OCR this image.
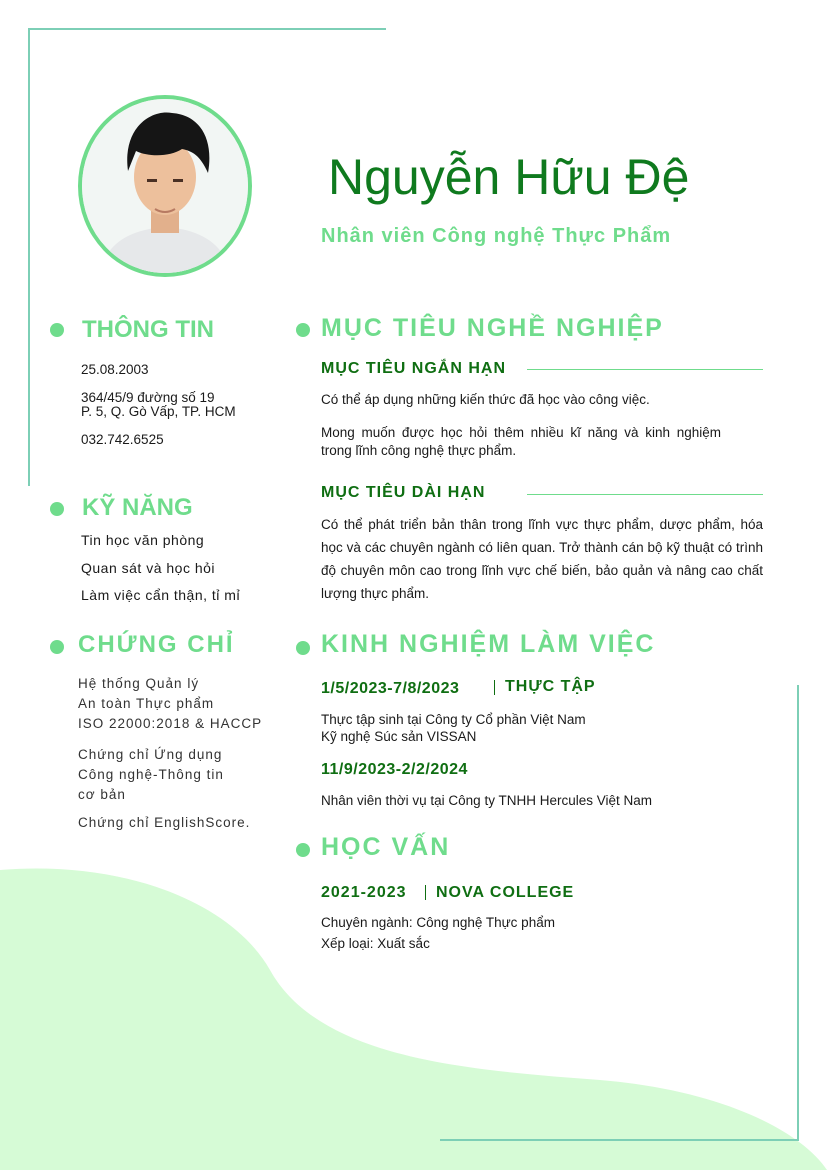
Nguyễn Hữu Đệ
Nhân viên Công nghệ Thực Phẩm
THÔNG TIN
25.08.2003
364/45/9 đường số 19
P. 5, Q. Gò Vấp, TP. HCM
032.742.6525
KỸ NĂNG
Tin học văn phòng
Quan sát và học hỏi
Làm việc cẩn thận, tỉ mỉ
CHỨNG CHỈ
Hệ thống Quản lý
An toàn Thực phẩm
ISO 22000:2018 & HACCP
Chứng chỉ Ứng dụng
Công nghệ-Thông tin
cơ bản
Chứng chỉ EnglishScore.
MỤC TIÊU NGHỀ NGHIỆP
MỤC TIÊU NGẮN HẠN
Có thể áp dụng những kiến thức đã học vào công việc.
Mong muốn được học hỏi thêm nhiều kĩ năng và kinh nghiệm trong lĩnh công nghệ thực phẩm.
MỤC TIÊU DÀI HẠN
Có thể phát triển bản thân trong lĩnh vực thực phẩm, dược phẩm, hóa học và các chuyên ngành có liên quan. Trở thành cán bộ kỹ thuật có trình độ chuyên môn cao trong lĩnh vực chế biến, bảo quản và nâng cao chất lượng thực phẩm.
KINH NGHIỆM LÀM VIỆC
1/5/2023-7/8/2023	THỰC TẬP
Thực tập sinh tại Công ty Cổ phần Việt Nam
Kỹ nghệ Súc sản VISSAN
11/9/2023-2/2/2024
Nhân viên thời vụ tại Công ty TNHH Hercules Việt Nam
HỌC VẤN
2021-2023 NOVA COLLEGE
Chuyên ngành: Công nghệ Thực phẩm
Xếp loại: Xuất sắc
